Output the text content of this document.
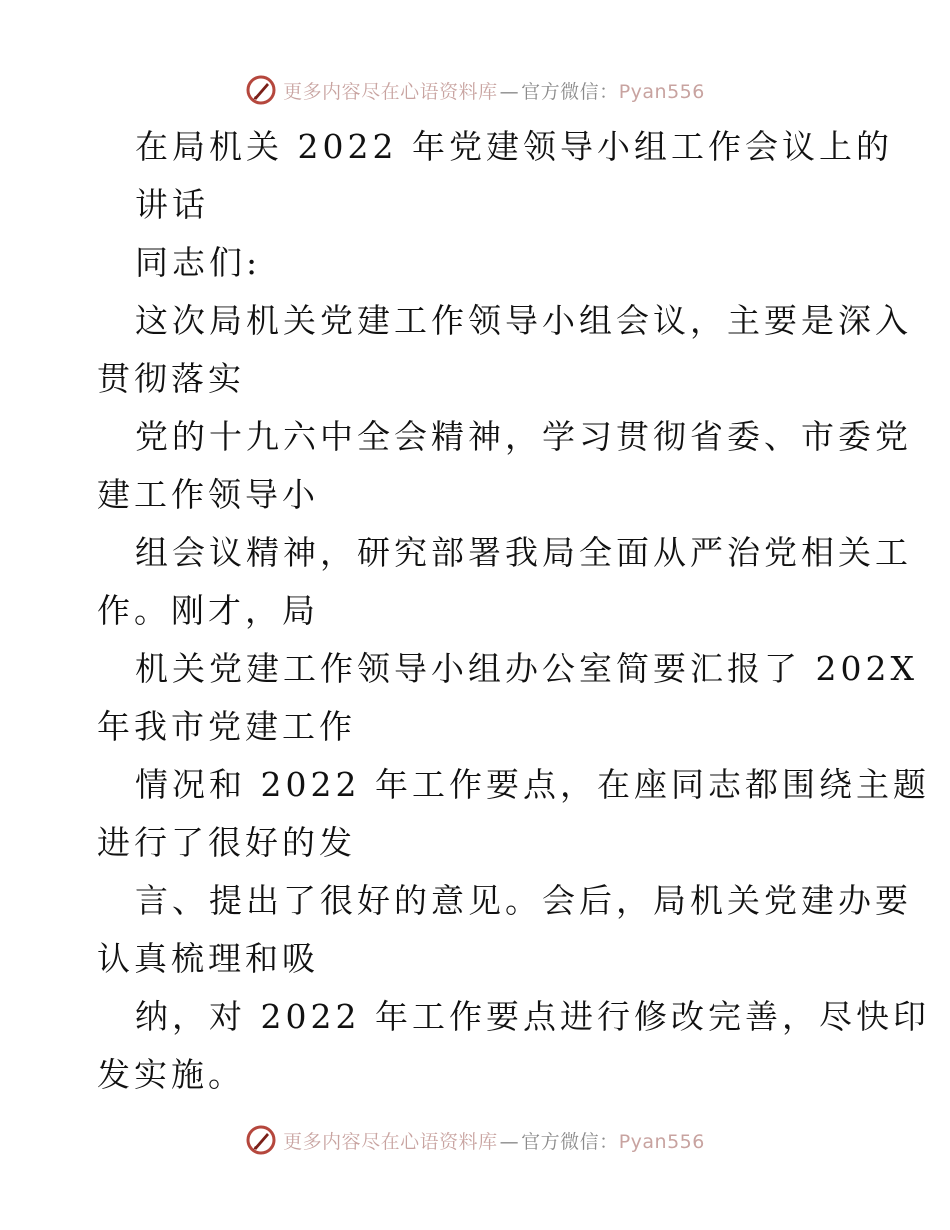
更多内容尽在心语资料库 — 官方微信：Pyan556
在局机关 2022 年党建领导小组工作会议上的
讲话
同志们:
这次局机关党建工作领导小组会议，主要是深入
贯彻落实
党的十九六中全会精神，学习贯彻省委、市委党
建工作领导小
组会议精神，研究部署我局全面从严治党相关工
作。刚才，局
机关党建工作领导小组办公室简要汇报了 202X
年我市党建工作
情况和 2022 年工作要点，在座同志都围绕主题
进行了很好的发
言、提出了很好的意见。会后，局机关党建办要
认真梳理和吸
纳，对 2022 年工作要点进行修改完善，尽快印
发实施。
更多内容尽在心语资料库 — 官方微信：Pyan556
